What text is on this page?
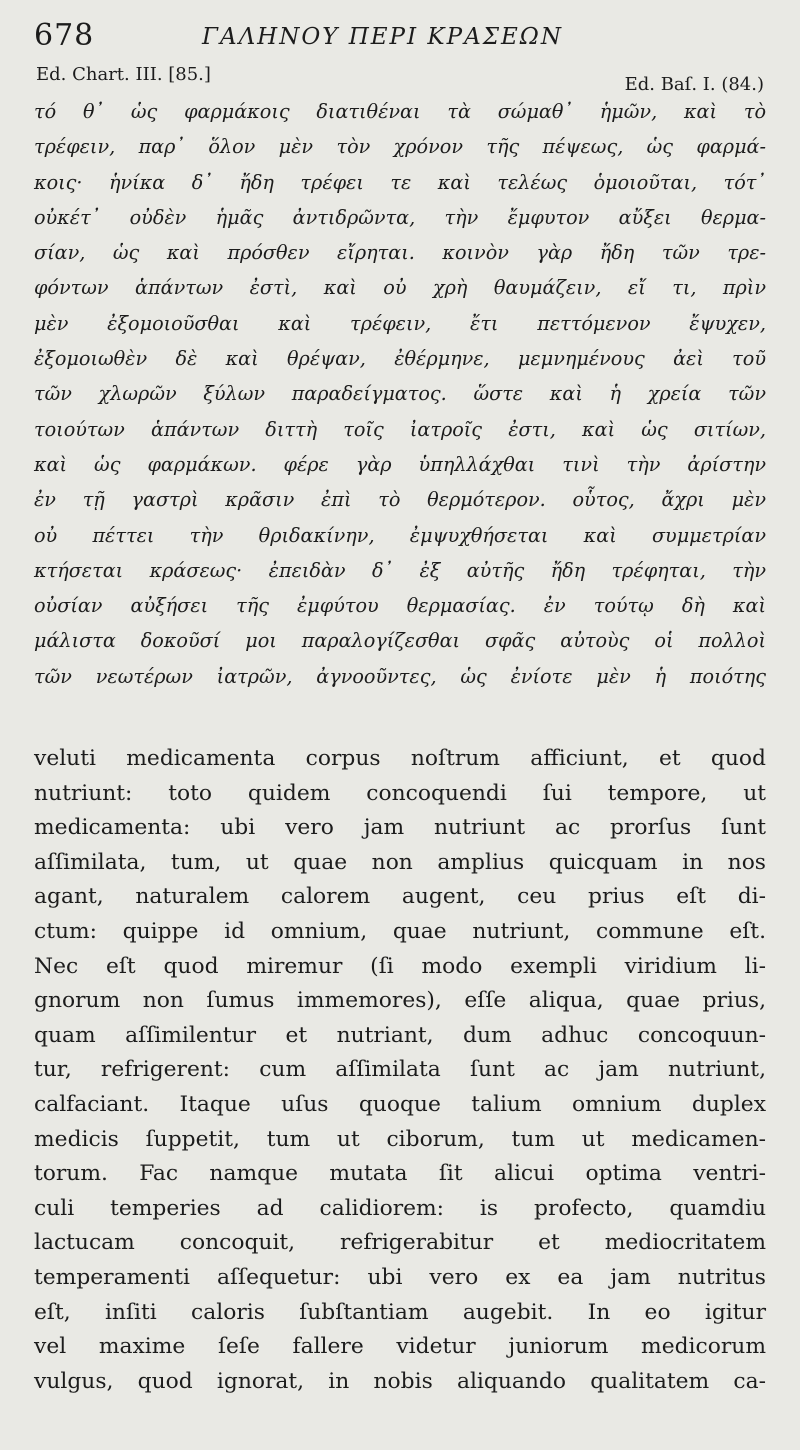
678	ΓΑΛΗΝΟΥ ΠΕΡΙ ΚΡΑΣΕΩΝ
Ed. Chart. III. [85.]	Ed. Baſ. I. (84.)
τό θ᾽ ὡς φαρμάκοις διατιθέναι τὰ σώμαθ᾽ ἡμῶν, καὶ τὸ
τρέφειν, παρ᾽ ὅλον μὲν τὸν χρόνον τῆς πέψεως, ὡς φαρμά-
κοις· ἡνίκα δ᾽ ἤδη τρέφει τε καὶ τελέως ὁμοιοῦται, τότ᾽
οὐκέτ᾽ οὐδὲν ἡμᾶς ἀντιδρῶντα, τὴν ἔμφυτον αὔξει θερμα-
σίαν, ὡς καὶ πρόσθεν εἴρηται. κοινὸν γὰρ ἤδη τῶν τρε-
φόντων ἁπάντων ἐστὶ, καὶ οὐ χρὴ θαυμάζειν, εἴ τι, πρὶν
μὲν ἐξομοιοῦσθαι καὶ τρέφειν, ἔτι πεττόμενον ἔψυχεν,
ἐξομοιωθὲν δὲ καὶ θρέψαν, ἐθέρμηνε, μεμνημένους ἀεὶ τοῦ
τῶν χλωρῶν ξύλων παραδείγματος. ὥστε καὶ ἡ χρεία τῶν
τοιούτων ἁπάντων διττὴ τοῖς ἰατροῖς ἐστι, καὶ ὡς σιτίων,
καὶ ὡς φαρμάκων. φέρε γὰρ ὑπηλλάχθαι τινὶ τὴν ἀρίστην
ἐν τῇ γαστρὶ κρᾶσιν ἐπὶ τὸ θερμότερον. οὗτος, ἄχρι μὲν
οὐ πέττει τὴν θριδακίνην, ἐμψυχθήσεται καὶ συμμετρίαν
κτήσεται κράσεως· ἐπειδὰν δ᾽ ἐξ αὐτῆς ἤδη τρέφηται, τὴν
οὐσίαν αὐξήσει τῆς ἐμφύτου θερμασίας. ἐν τούτῳ δὴ καὶ
μάλιστα δοκοῦσί μοι παραλογίζεσθαι σφᾶς αὐτοὺς οἱ πολλοὶ
τῶν νεωτέρων ἰατρῶν, ἀγνοοῦντες, ὡς ἐνίοτε μὲν ἡ ποιότης
veluti medicamenta corpus noſtrum afficiunt, et quod
nutriunt: toto quidem concoquendi ſui tempore, ut
medicamenta: ubi vero jam nutriunt ac prorſus ſunt
aſſimilata, tum, ut quae non amplius quicquam in nos
agant, naturalem calorem augent, ceu prius eſt di-
ctum: quippe id omnium, quae nutriunt, commune eſt.
Nec eſt quod miremur (ſi modo exempli viridium li-
gnorum non ſumus immemores), eſſe aliqua, quae prius,
quam aſſimilentur et nutriant, dum adhuc concoquun-
tur, refrigerent: cum aſſimilata ſunt ac jam nutriunt,
calfaciant. Itaque uſus quoque talium omnium duplex
medicis ſuppetit, tum ut ciborum, tum ut medicamen-
torum. Fac namque mutata ſit alicui optima ventri-
culi temperies ad calidiorem: is profecto, quamdiu
lactucam concoquit, refrigerabitur et mediocritatem
temperamenti aſſequetur: ubi vero ex ea jam nutritus
eſt, inſiti caloris ſubſtantiam augebit. In eo igitur
vel maxime ſeſe fallere videtur juniorum medicorum
vulgus, quod ignorat, in nobis aliquando qualitatem ca-
